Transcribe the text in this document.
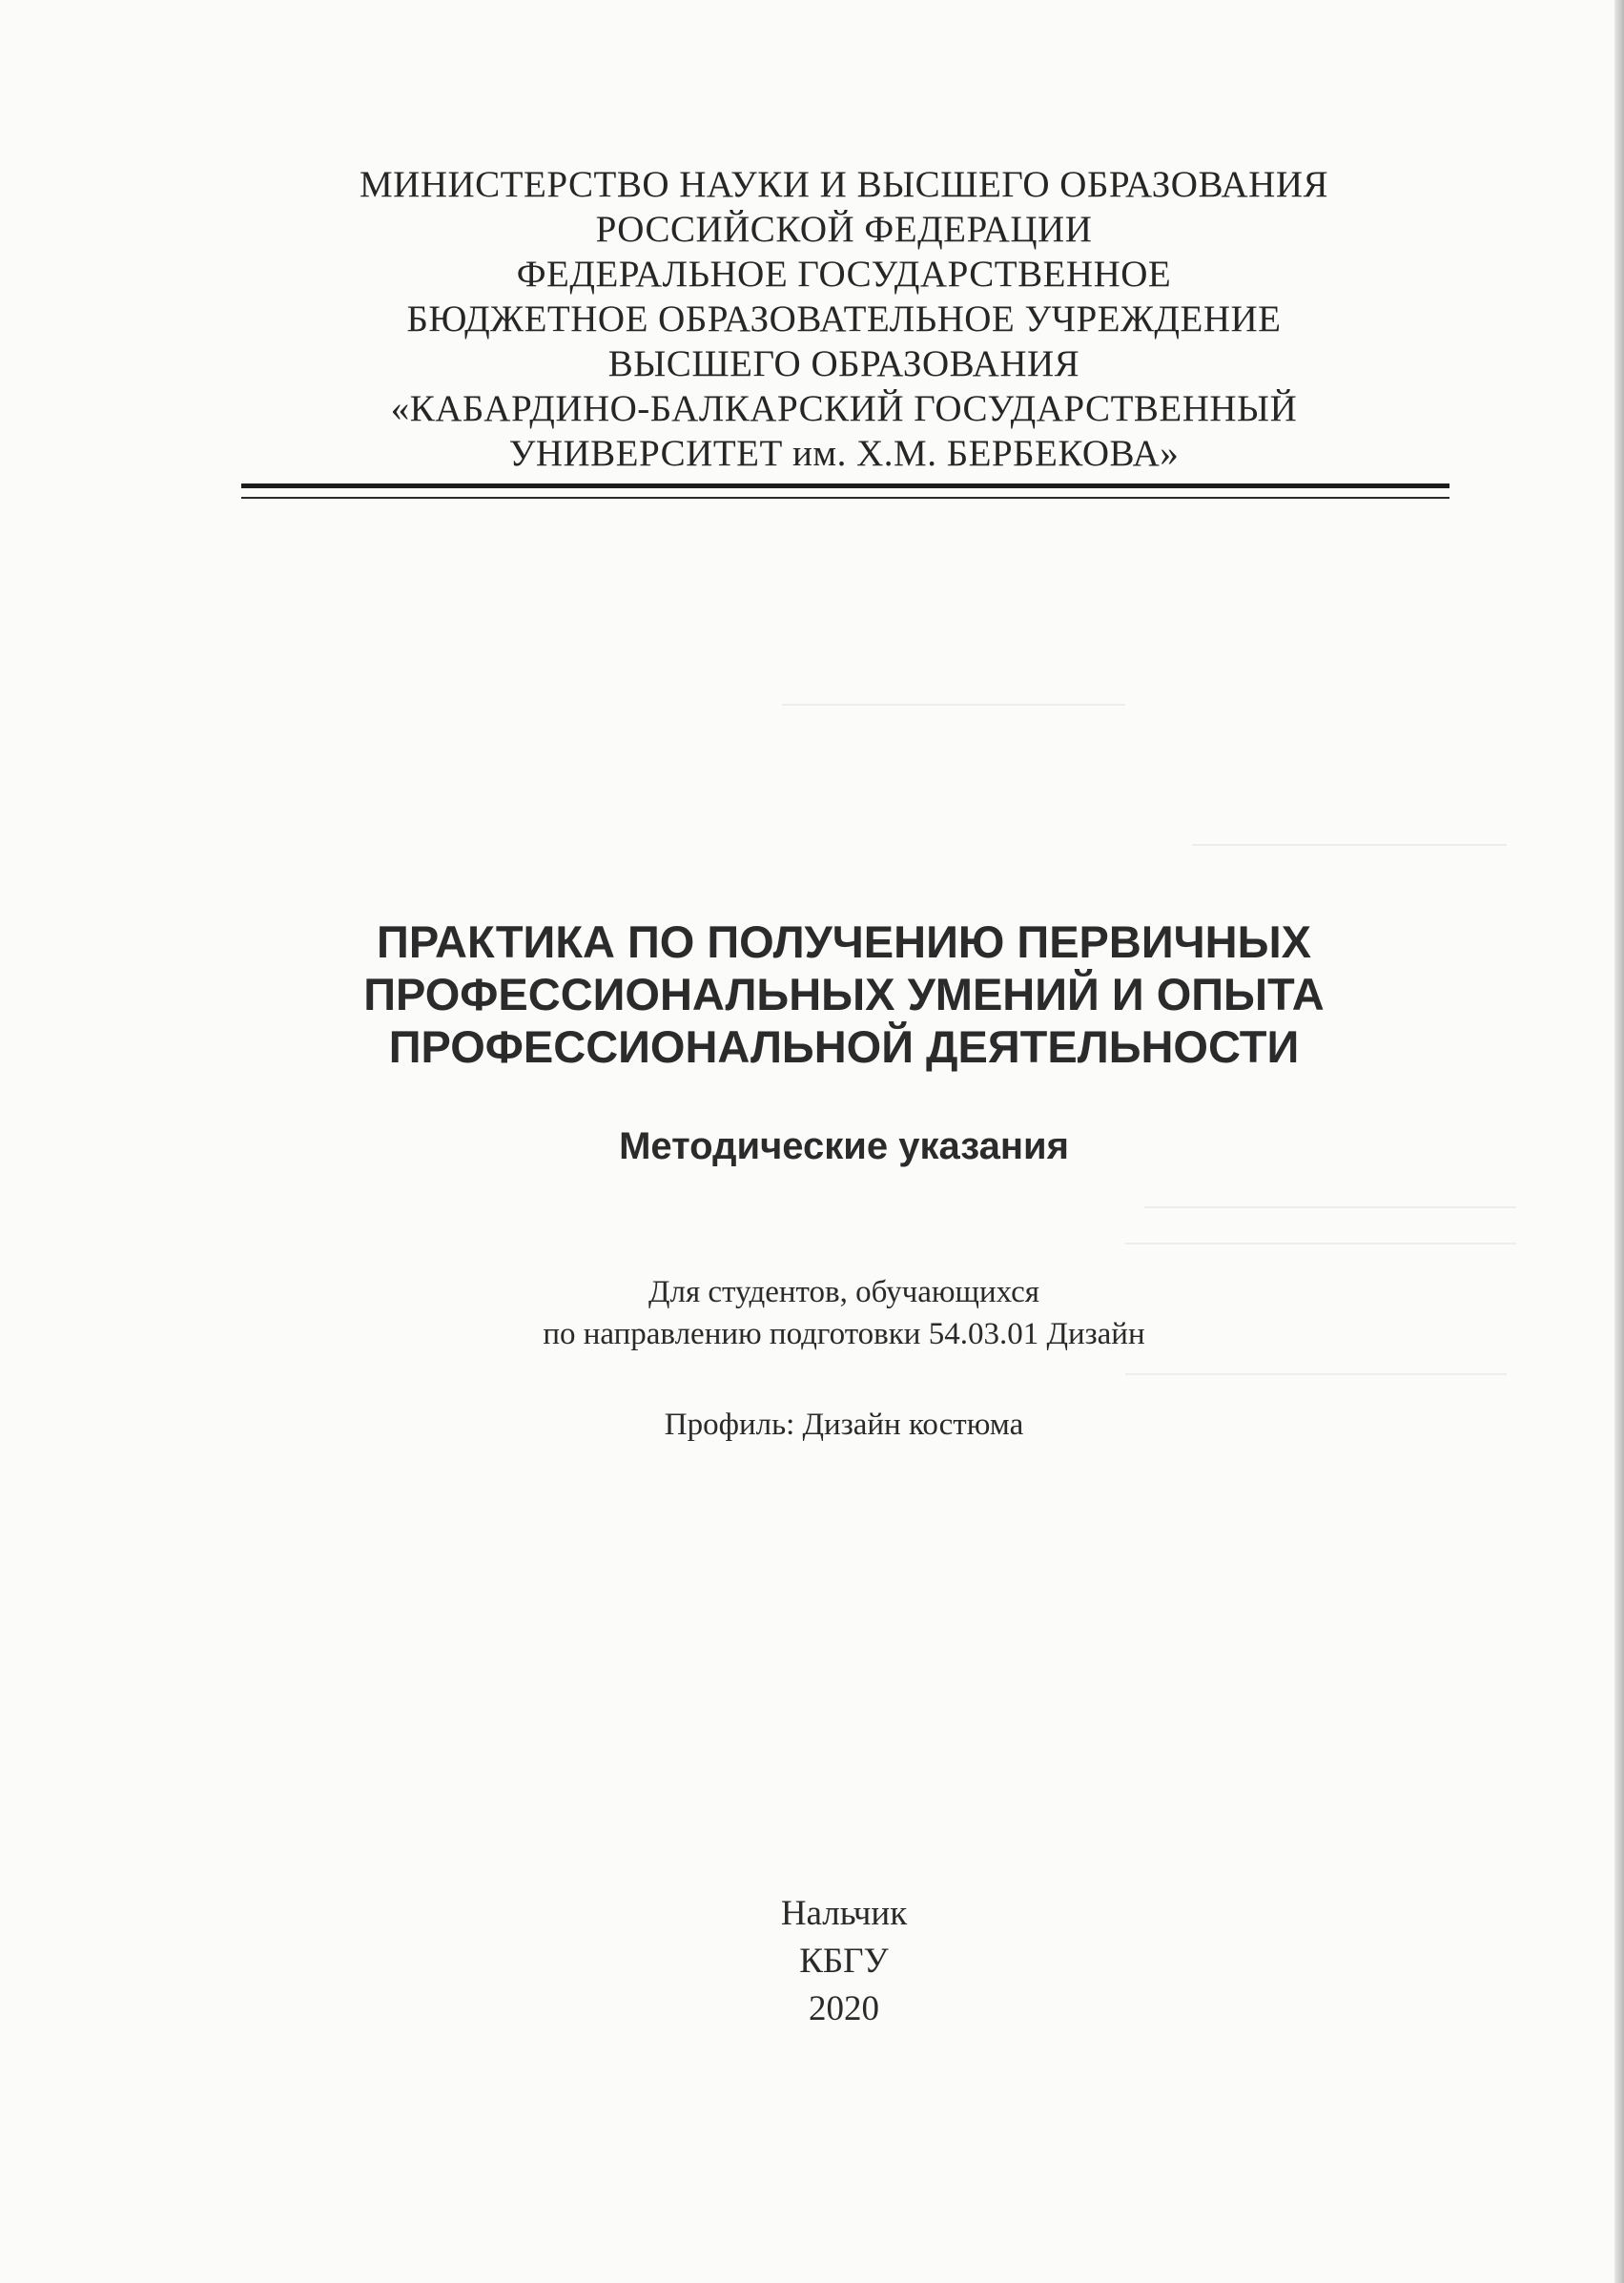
МИНИСТЕРСТВО НАУКИ И ВЫСШЕГО ОБРАЗОВАНИЯ
РОССИЙСКОЙ ФЕДЕРАЦИИ
ФЕДЕРАЛЬНОЕ ГОСУДАРСТВЕННОЕ
БЮДЖЕТНОЕ ОБРАЗОВАТЕЛЬНОЕ УЧРЕЖДЕНИЕ
ВЫСШЕГО ОБРАЗОВАНИЯ
«КАБАРДИНО-БАЛКАРСКИЙ ГОСУДАРСТВЕННЫЙ
УНИВЕРСИТЕТ им. Х.М. БЕРБЕКОВА»
ПРАКТИКА ПО ПОЛУЧЕНИЮ ПЕРВИЧНЫХ
ПРОФЕССИОНАЛЬНЫХ УМЕНИЙ И ОПЫТА
ПРОФЕССИОНАЛЬНОЙ ДЕЯТЕЛЬНОСТИ
Методические указания
Для студентов, обучающихся
по направлению подготовки 54.03.01 Дизайн
Профиль: Дизайн костюма
Нальчик
КБГУ
2020
